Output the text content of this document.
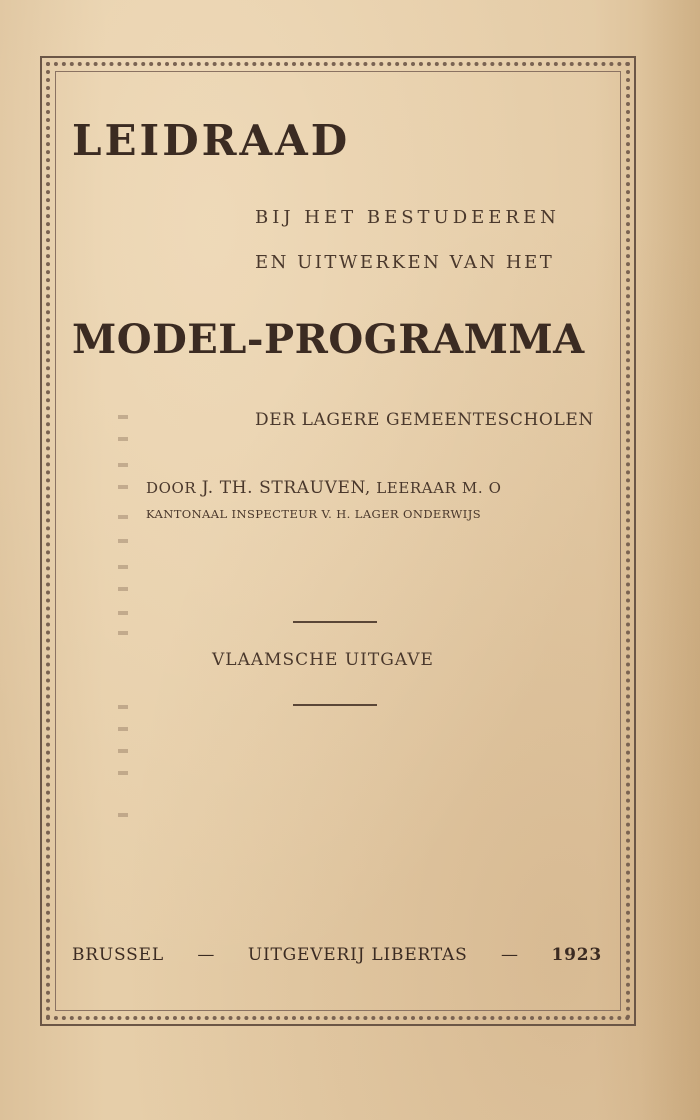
LEIDRAAD

BIJ HET BESTUDEEREN

EN UITWERKEN VAN HET

MODEL-PROGRAMMA

DER LAGERE GEMEENTESCHOLEN

DOOR J. TH. STRAUVEN, LEERAAR M. O

KANTONAAL INSPECTEUR V. H. LAGER ONDERWIJS

VLAAMSCHE UITGAVE

BRUSSEL — UITGEVERIJ LIBERTAS — 1923
